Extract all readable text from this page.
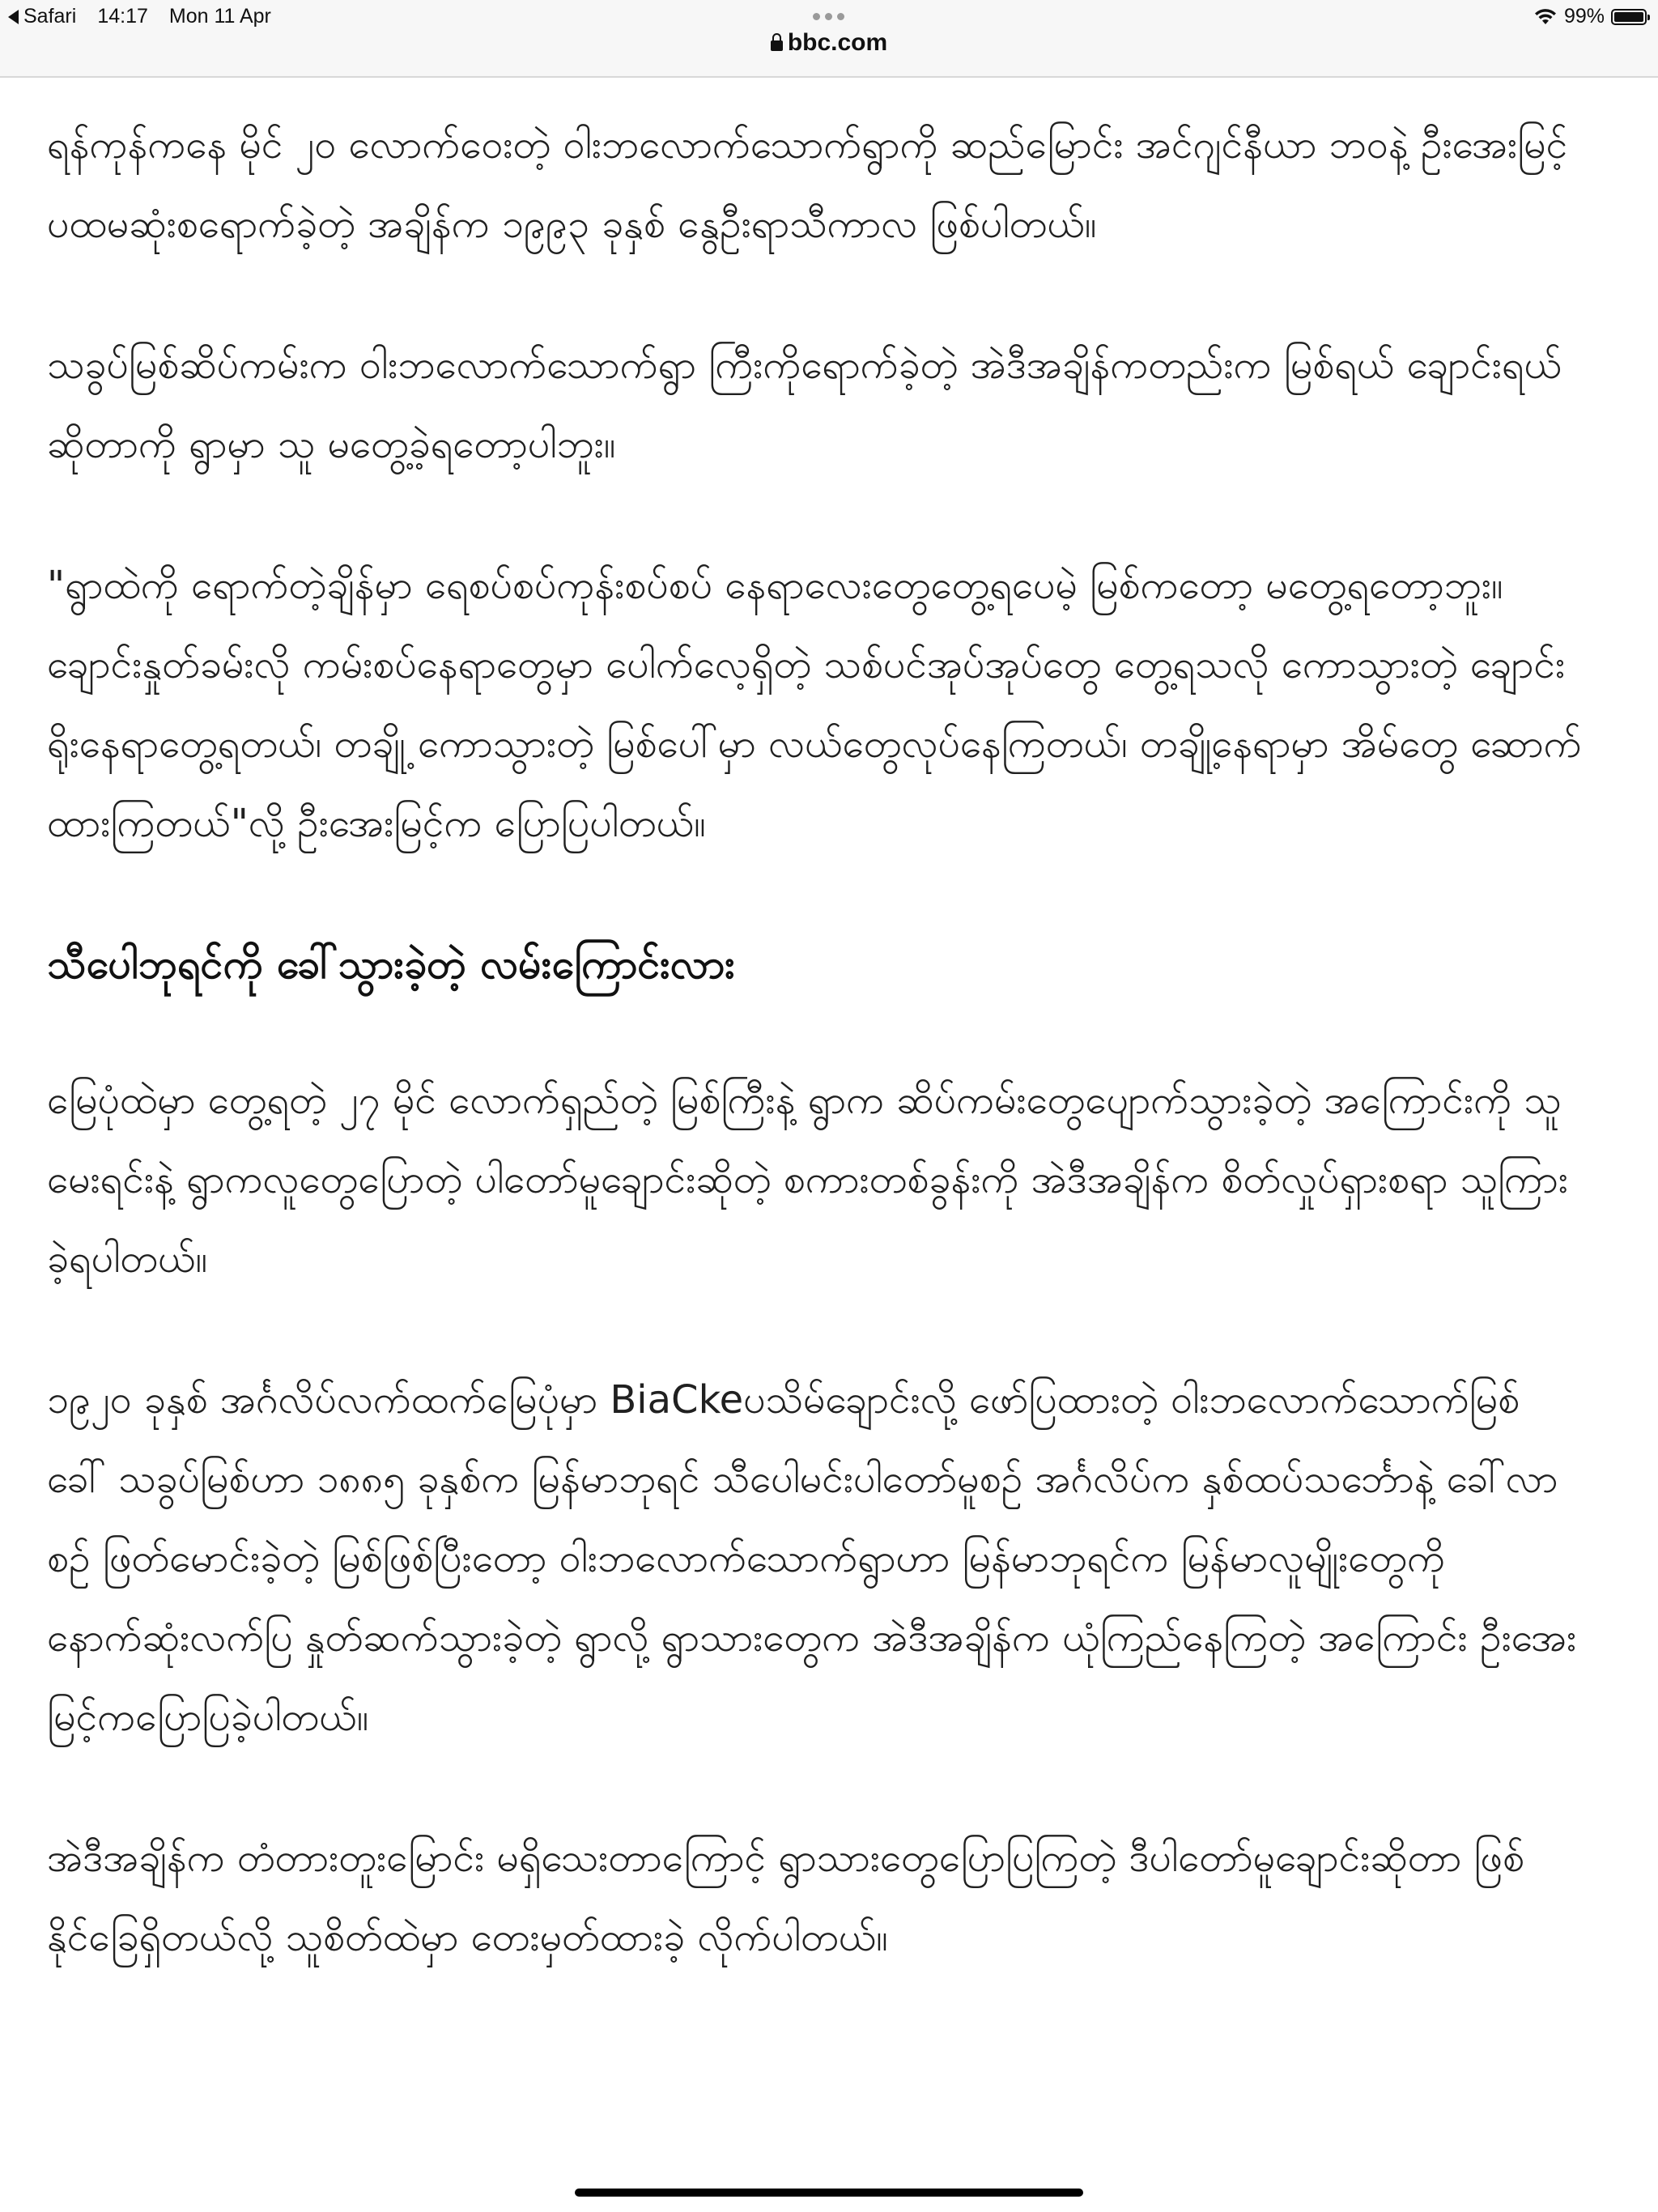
Safari 14:17 Mon 11 Apr	99%
bbc.com

ရန်ကုန်ကနေ မိုင် ၂၀ လောက်ဝေးတဲ့ ဝါးဘလောက်သောက်ရွာကို ဆည်မြောင်း အင်ဂျင်နီယာ ဘဝနဲ့ ဦးအေးမြင့် ပထမဆုံးစရောက်ခဲ့တဲ့ အချိန်က ၁၉၉၃ ခုနှစ် နွေဦးရာသီကာလ ဖြစ်ပါတယ်။

သခွပ်မြစ်ဆိပ်ကမ်းက ဝါးဘလောက်သောက်ရွာ ကြီးကိုရောက်ခဲ့တဲ့ အဲဒီအချိန်ကတည်းက မြစ်ရယ် ချောင်းရယ်ဆိုတာကို ရွာမှာ သူ မတွေ့ခဲ့ရတော့ပါဘူး။

"ရွာထဲကို ရောက်တဲ့ချိန်မှာ ရေစပ်စပ်ကုန်းစပ်စပ် နေရာလေးတွေတွေ့ရပေမဲ့ မြစ်ကတော့ မတွေ့ရတော့ဘူး။ ချောင်းနှုတ်ခမ်းလို ကမ်းစပ်နေရာတွေမှာ ပေါက်လေ့ရှိတဲ့ သစ်ပင်အုပ်အုပ်တွေ တွေ့ရသလို ကောသွားတဲ့ ချောင်းရိုးနေရာတွေ့ရတယ်၊ တချို့ ကောသွားတဲ့ မြစ်ပေါ်မှာ လယ်တွေလုပ်နေကြတယ်၊ တချို့နေရာမှာ အိမ်တွေ ဆောက်ထားကြတယ်"လို့ ဦးအေးမြင့်က ပြောပြပါတယ်။

သီပေါဘုရင်ကို ခေါ်သွားခဲ့တဲ့ လမ်းကြောင်းလား

မြေပုံထဲမှာ တွေ့ရတဲ့ ၂၇ မိုင် လောက်ရှည်တဲ့ မြစ်ကြီးနဲ့ ရွာက ဆိပ်ကမ်းတွေပျောက်သွားခဲ့တဲ့ အကြောင်းကို သူမေးရင်းနဲ့ ရွာကလူတွေပြောတဲ့ ပါတော်မူချောင်းဆိုတဲ့ စကားတစ်ခွန်းကို အဲဒီအချိန်က စိတ်လှုပ်ရှားစရာ သူကြားခဲ့ရပါတယ်။

၁၉၂၀ ခုနှစ် အင်္ဂလိပ်လက်ထက်မြေပုံမှာ BiaCkeပသိမ်ချောင်းလို့ ဖော်ပြထားတဲ့ ဝါးဘလောက်သောက်မြစ် ခေါ် သခွပ်မြစ်ဟာ ၁၈၈၅ ခုနှစ်က မြန်မာဘုရင် သီပေါမင်းပါတော်မူစဉ် အင်္ဂလိပ်က နှစ်ထပ်သင်္ဘောနဲ့ ခေါ်လာစဉ် ဖြတ်မောင်းခဲ့တဲ့ မြစ်ဖြစ်ပြီးတော့ ဝါးဘလောက်သောက်ရွာဟာ မြန်မာဘုရင်က မြန်မာလူမျိုးတွေကို နောက်ဆုံးလက်ပြ နှုတ်ဆက်သွားခဲ့တဲ့ ရွာလို့ ရွာသားတွေက အဲဒီအချိန်က ယုံကြည်နေကြတဲ့ အကြောင်း ဦးအေးမြင့်ကပြောပြခဲ့ပါတယ်။

အဲဒီအချိန်က တံတားတူးမြောင်း မရှိသေးတာကြောင့် ရွာသားတွေပြောပြကြတဲ့ ဒီပါတော်မူချောင်းဆိုတာ ဖြစ်နိုင်ခြေရှိတယ်လို့ သူစိတ်ထဲမှာ တေးမှတ်ထားခဲ့ လိုက်ပါတယ်။
